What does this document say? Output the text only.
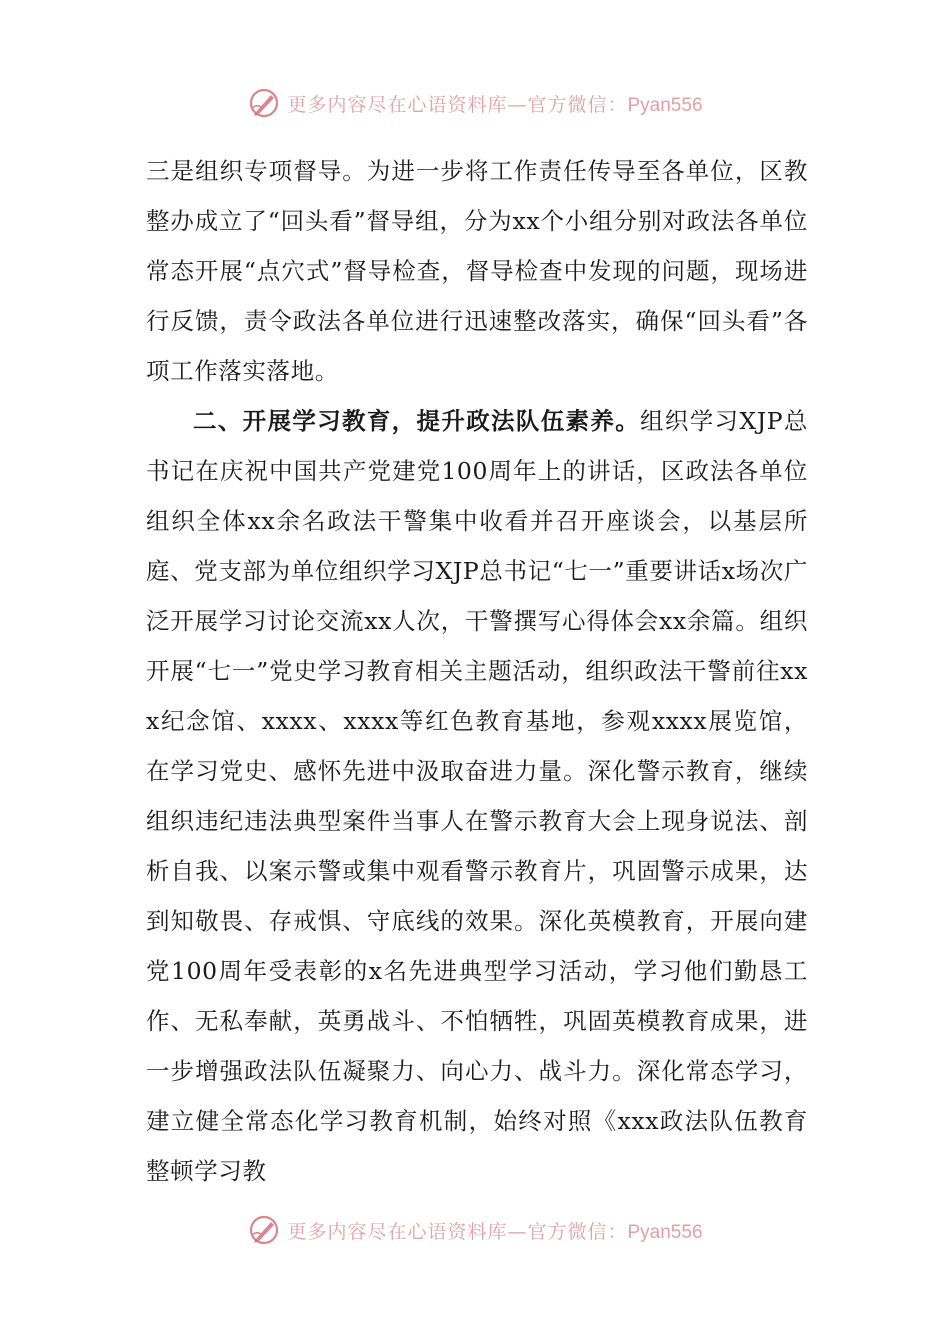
更多内容尽在心语资料库—官方微信：Pyan556

三是组织专项督导。为进一步将工作责任传导至各单位，区教整办成立了“回头看”督导组，分为xx个小组分别对政法各单位常态开展“点穴式”督导检查，督导检查中发现的问题，现场进行反馈，责令政法各单位进行迅速整改落实，确保“回头看”各项工作落实落地。

二、开展学习教育，提升政法队伍素养。组织学习XJP总书记在庆祝中国共产党建党100周年上的讲话，区政法各单位组织全体xx余名政法干警集中收看并召开座谈会，以基层所庭、党支部为单位组织学习XJP总书记“七一”重要讲话x场次广泛开展学习讨论交流xx人次，干警撰写心得体会xx余篇。组织开展“七一”党史学习教育相关主题活动，组织政法干警前往xxx纪念馆、xxxx、xxxx等红色教育基地，参观xxxx展览馆，在学习党史、感怀先进中汲取奋进力量。深化警示教育，继续组织违纪违法典型案件当事人在警示教育大会上现身说法、剖析自我、以案示警或集中观看警示教育片，巩固警示成果，达到知敬畏、存戒惧、守底线的效果。深化英模教育，开展向建党100周年受表彰的x名先进典型学习活动，学习他们勤恳工作、无私奉献，英勇战斗、不怕牺牲，巩固英模教育成果，进一步增强政法队伍凝聚力、向心力、战斗力。深化常态学习，建立健全常态化学习教育机制，始终对照《xxx政法队伍教育整顿学习教

更多内容尽在心语资料库—官方微信：Pyan556
